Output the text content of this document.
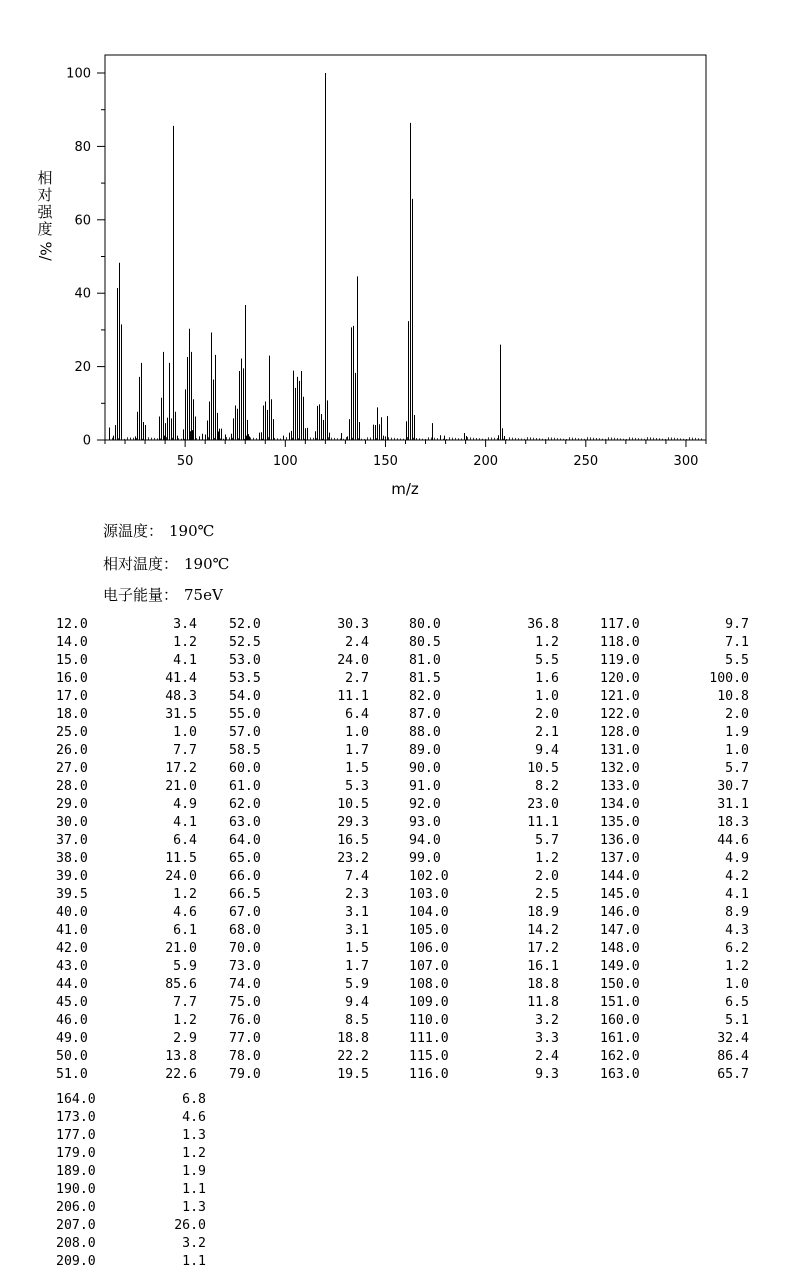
50	100	150	200	250	300
0
20
40
60
80
100
m/z
相对强度
%/
源温度： 190℃
相对温度： 190℃
电子能量： 75eV
12.0	3.4
14.0	1.2
15.0	4.1
16.0	41.4
17.0	48.3
18.0	31.5
25.0	1.0
26.0	7.7
27.0	17.2
28.0	21.0
29.0	4.9
30.0	4.1
37.0	6.4
38.0	11.5
39.0	24.0
39.5	1.2
40.0	4.6
41.0	6.1
42.0	21.0
43.0	5.9
44.0	85.6
45.0	7.7
46.0	1.2
49.0	2.9
50.0	13.8
51.0	22.6
52.0	30.3
52.5	2.4
53.0	24.0
53.5	2.7
54.0	11.1
55.0	6.4
57.0	1.0
58.5	1.7
60.0	1.5
61.0	5.3
62.0	10.5
63.0	29.3
64.0	16.5
65.0	23.2
66.0	7.4
66.5	2.3
67.0	3.1
68.0	3.1
70.0	1.5
73.0	1.7
74.0	5.9
75.0	9.4
76.0	8.5
77.0	18.8
78.0	22.2
79.0	19.5
80.0	36.8
80.5	1.2
81.0	5.5
81.5	1.6
82.0	1.0
87.0	2.0
88.0	2.1
89.0	9.4
90.0	10.5
91.0	8.2
92.0	23.0
93.0	11.1
94.0	5.7
99.0	1.2
102.0	2.0
103.0	2.5
104.0	18.9
105.0	14.2
106.0	17.2
107.0	16.1
108.0	18.8
109.0	11.8
110.0	3.2
111.0	3.3
115.0	2.4
116.0	9.3
117.0	9.7
118.0	7.1
119.0	5.5
120.0	100.0
121.0	10.8
122.0	2.0
128.0	1.9
131.0	1.0
132.0	5.7
133.0	30.7
134.0	31.1
135.0	18.3
136.0	44.6
137.0	4.9
144.0	4.2
145.0	4.1
146.0	8.9
147.0	4.3
148.0	6.2
149.0	1.2
150.0	1.0
151.0	6.5
160.0	5.1
161.0	32.4
162.0	86.4
163.0	65.7
164.0	6.8
173.0	4.6
177.0	1.3
179.0	1.2
189.0	1.9
190.0	1.1
206.0	1.3
207.0	26.0
208.0	3.2
209.0	1.1
